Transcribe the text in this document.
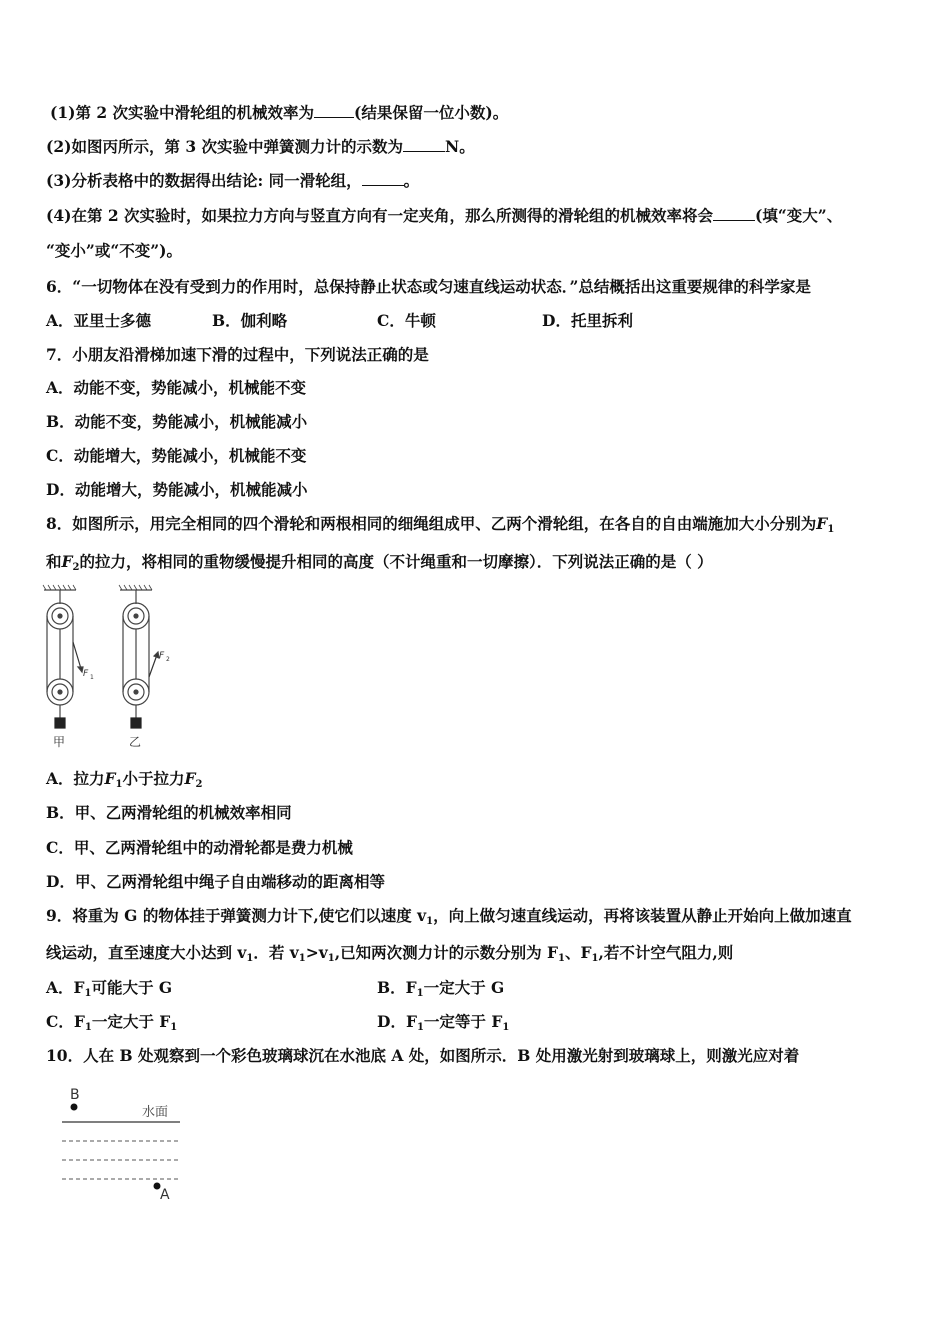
(1)第 2 次实验中滑轮组的机械效率为	(结果保留一位小数)。
(2)如图丙所示，第 3 次实验中弹簧测力计的示数为	N。
(3)分析表格中的数据得出结论: 同一滑轮组，	。
(4)在第 2 次实验时，如果拉力方向与竖直方向有一定夹角，那么所测得的滑轮组的机械效率将会	(填“变大”、
“变小”或“不变”)。
6．“一切物体在没有受到力的作用时，总保持静止状态或匀速直线运动状态．”总结概括出这重要规律的科学家是
A．亚里士多德	B．伽利略	C．牛顿	D．托里拆利
7．小朋友沿滑梯加速下滑的过程中，下列说法正确的是
A．动能不变，势能减小，机械能不变
B．动能不变，势能减小，机械能减小
C．动能增大，势能减小，机械能不变
D．动能增大，势能减小，机械能减小
8．如图所示，用完全相同的四个滑轮和两根相同的细绳组成甲、乙两个滑轮组，在各自的自由端施加大小分别为$F_1$
和$F_2$的拉力，将相同的重物缓慢提升相同的高度（不计绳重和一切摩擦）．下列说法正确的是（ ）
F 1
F 2
甲	乙
A．拉力$F_1$小于拉力$F_2$
B．甲、乙两滑轮组的机械效率相同
C．甲、乙两滑轮组中的动滑轮都是费力机械
D．甲、乙两滑轮组中绳子自由端移动的距离相等
9．将重为 G 的物体挂于弹簧测力计下,使它们以速度 $v_1$，向上做匀速直线运动，再将该装置从静止开始向上做加速直
线运动，直至速度大小达到 $v_1$．若 $v_1>v_1$,已知两次测力计的示数分别为 $F_1$、$F_1$,若不计空气阻力,则
A．$F_1$可能大于 G	B．$F_1$一定大于 G
C．$F_1$一定大于 $F_1$	D．$F_1$一定等于 $F_1$
10．人在 B 处观察到一个彩色玻璃球沉在水池底 A 处，如图所示．B 处用激光射到玻璃球上，则激光应对着
B
水面
A
